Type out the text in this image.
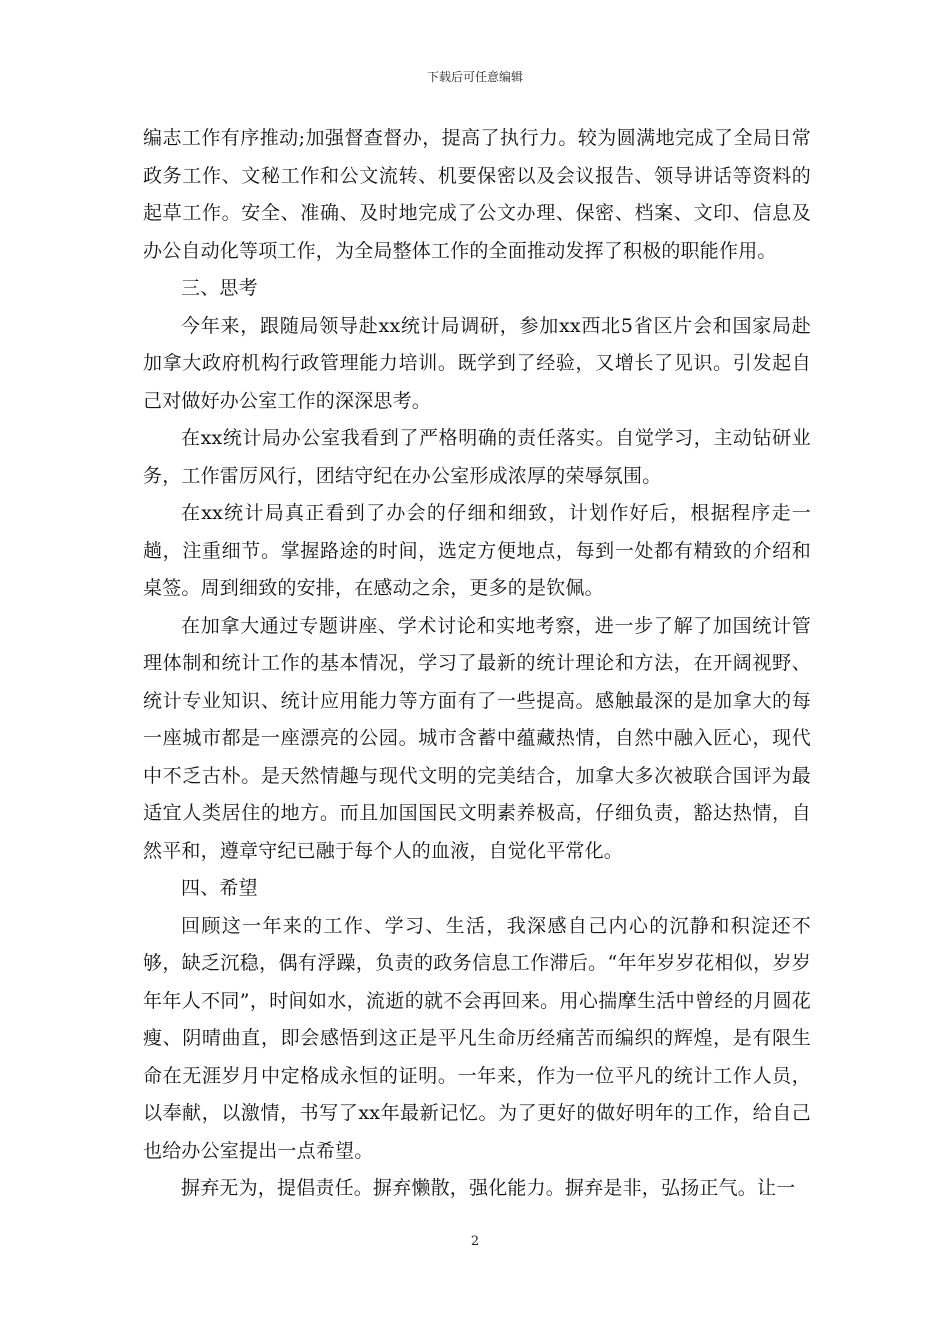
下载后可任意编辑

编志工作有序推动;加强督查督办，提高了执行力。较为圆满地完成了全局日常政务工作、文秘工作和公文流转、机要保密以及会议报告、领导讲话等资料的起草工作。安全、准确、及时地完成了公文办理、保密、档案、文印、信息及办公自动化等项工作，为全局整体工作的全面推动发挥了积极的职能作用。

三、思考

今年来，跟随局领导赴xx统计局调研，参加xx西北5省区片会和国家局赴加拿大政府机构行政管理能力培训。既学到了经验，又增长了见识。引发起自己对做好办公室工作的深深思考。

在xx统计局办公室我看到了严格明确的责任落实。自觉学习，主动钻研业务，工作雷厉风行，团结守纪在办公室形成浓厚的荣辱氛围。

在xx统计局真正看到了办会的仔细和细致，计划作好后，根据程序走一趟，注重细节。掌握路途的时间，选定方便地点，每到一处都有精致的介绍和桌签。周到细致的安排，在感动之余，更多的是钦佩。

在加拿大通过专题讲座、学术讨论和实地考察，进一步了解了加国统计管理体制和统计工作的基本情况，学习了最新的统计理论和方法，在开阔视野、统计专业知识、统计应用能力等方面有了一些提高。感触最深的是加拿大的每一座城市都是一座漂亮的公园。城市含蓄中蕴藏热情，自然中融入匠心，现代中不乏古朴。是天然情趣与现代文明的完美结合，加拿大多次被联合国评为最适宜人类居住的地方。而且加国国民文明素养极高，仔细负责，豁达热情，自然平和，遵章守纪已融于每个人的血液，自觉化平常化。

四、希望

回顾这一年来的工作、学习、生活，我深感自己内心的沉静和积淀还不够，缺乏沉稳，偶有浮躁，负责的政务信息工作滞后。“年年岁岁花相似，岁岁年年人不同”，时间如水，流逝的就不会再回来。用心揣摩生活中曾经的月圆花瘦、阴晴曲直，即会感悟到这正是平凡生命历经痛苦而编织的辉煌，是有限生命在无涯岁月中定格成永恒的证明。一年来，作为一位平凡的统计工作人员，以奉献，以激情，书写了xx年最新记忆。为了更好的做好明年的工作，给自己也给办公室提出一点希望。

摒弃无为，提倡责任。摒弃懒散，强化能力。摒弃是非，弘扬正气。让一

2
